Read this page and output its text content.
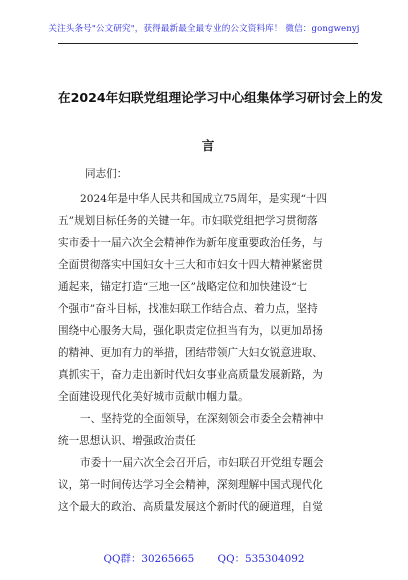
关注头条号"公文研究"，获得最新最全最专业的公文资料库！ 微信：gongwenyj
在2024年妇联党组理论学习中心组集体学习研讨会上的发
言
同志们：
2024年是中华人民共和国成立75周年，是实现“十四
五”规划目标任务的关键一年。市妇联党组把学习贯彻落
实市委十一届六次全会精神作为新年度重要政治任务，与
全面贯彻落实中国妇女十三大和市妇女十四大精神紧密贯
通起来，锚定打造“三地一区”战略定位和加快建设“七
个强市”奋斗目标，找准妇联工作结合点、着力点，坚持
围绕中心服务大局，强化职责定位担当有为，以更加昂扬
的精神、更加有力的举措，团结带领广大妇女锐意进取、
真抓实干，奋力走出新时代妇女事业高质量发展新路，为
全面建设现代化美好城市贡献巾帼力量。
一、坚持党的全面领导，在深刻领会市委全会精神中
统一思想认识、增强政治责任
市委十一届六次全会召开后，市妇联召开党组专题会
议，第一时间传达学习全会精神，深刻理解中国式现代化
这个最大的政治、高质量发展这个新时代的硬道理，自觉
QQ群：30265665 QQ：535304092
